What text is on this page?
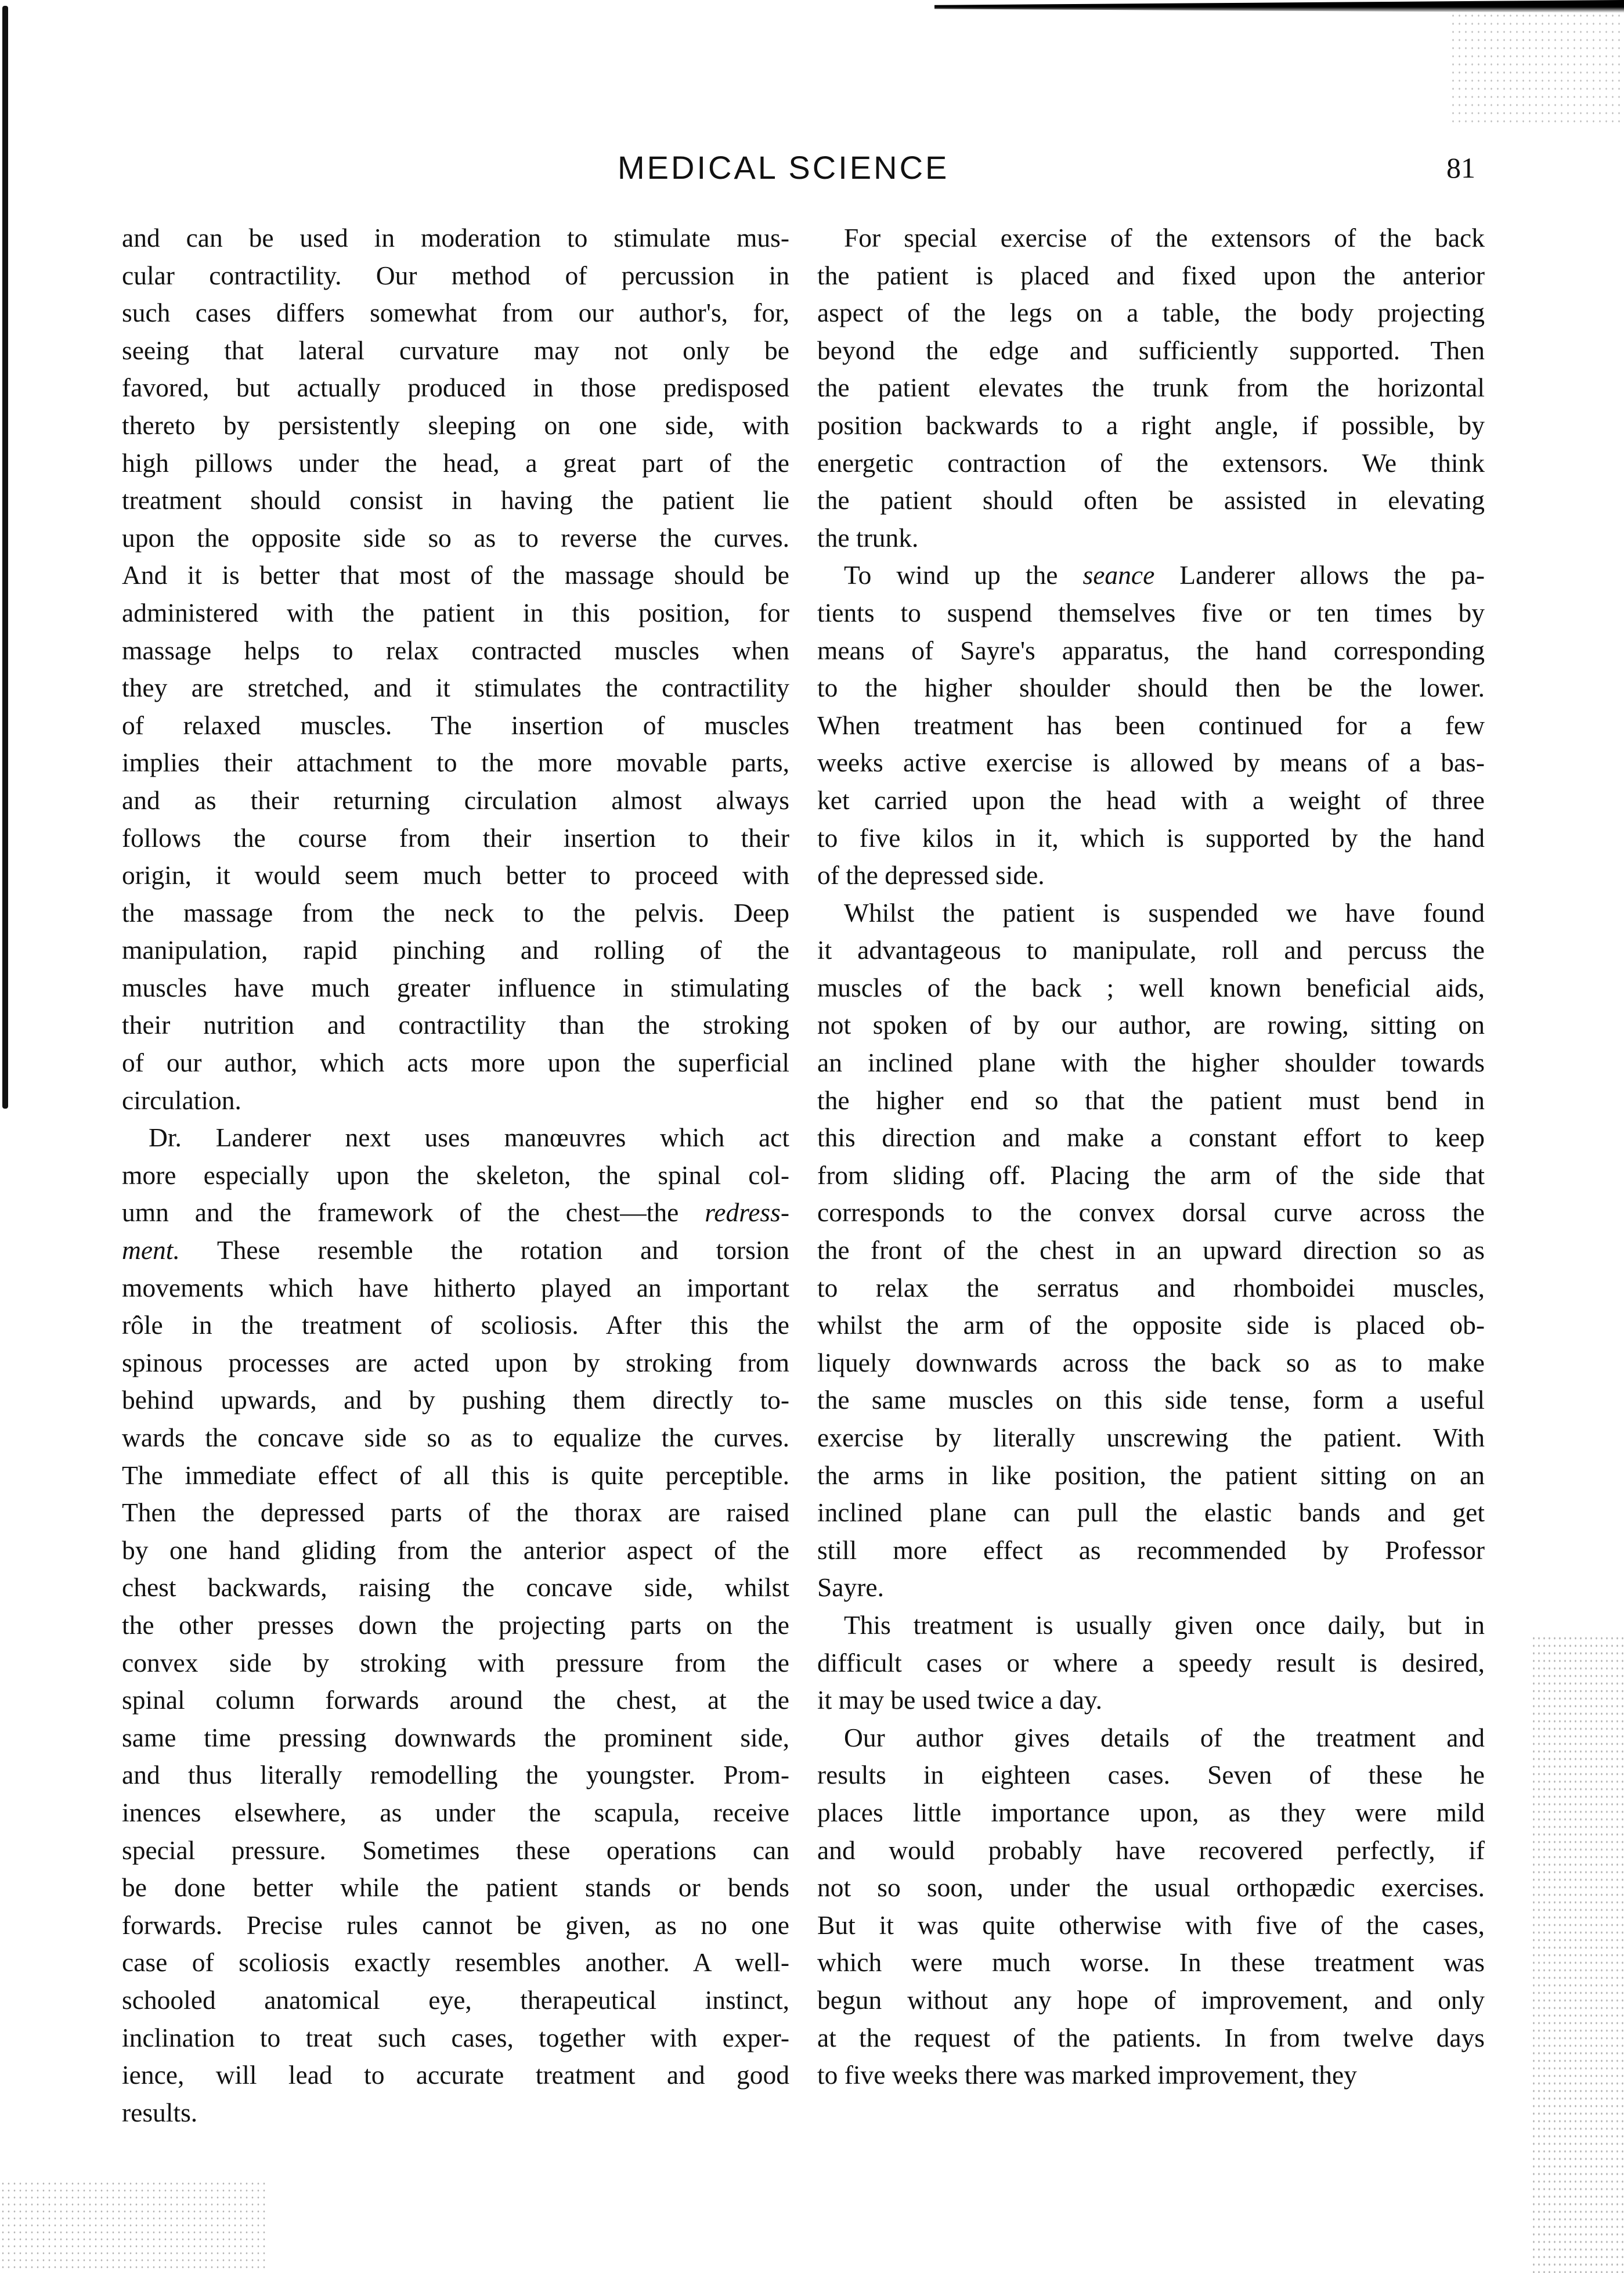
MEDICAL SCIENCE	81

and can be used in moderation to stimulate mus-
cular contractility. Our method of percussion in
such cases differs somewhat from our author's, for,
seeing that lateral curvature may not only be
favored, but actually produced in those predisposed
thereto by persistently sleeping on one side, with
high pillows under the head, a great part of the
treatment should consist in having the patient lie
upon the opposite side so as to reverse the curves.
And it is better that most of the massage should be
administered with the patient in this position, for
massage helps to relax contracted muscles when
they are stretched, and it stimulates the contractility
of relaxed muscles. The insertion of muscles
implies their attachment to the more movable parts,
and as their returning circulation almost always
follows the course from their insertion to their
origin, it would seem much better to proceed with
the massage from the neck to the pelvis. Deep
manipulation, rapid pinching and rolling of the
muscles have much greater influence in stimulating
their nutrition and contractility than the stroking
of our author, which acts more upon the superficial
circulation.

Dr. Landerer next uses manœuvres which act
more especially upon the skeleton, the spinal col-
umn and the framework of the chest—the redress-
ment. These resemble the rotation and torsion
movements which have hitherto played an important
rôle in the treatment of scoliosis. After this the
spinous processes are acted upon by stroking from
behind upwards, and by pushing them directly to-
wards the concave side so as to equalize the curves.
The immediate effect of all this is quite perceptible.
Then the depressed parts of the thorax are raised
by one hand gliding from the anterior aspect of the
chest backwards, raising the concave side, whilst
the other presses down the projecting parts on the
convex side by stroking with pressure from the
spinal column forwards around the chest, at the
same time pressing downwards the prominent side,
and thus literally remodelling the youngster. Prom-
inences elsewhere, as under the scapula, receive
special pressure. Sometimes these operations can
be done better while the patient stands or bends
forwards. Precise rules cannot be given, as no one
case of scoliosis exactly resembles another. A well-
schooled anatomical eye, therapeutical instinct,
inclination to treat such cases, together with exper-
ience, will lead to accurate treatment and good
results.

For special exercise of the extensors of the back
the patient is placed and fixed upon the anterior
aspect of the legs on a table, the body projecting
beyond the edge and sufficiently supported. Then
the patient elevates the trunk from the horizontal
position backwards to a right angle, if possible, by
energetic contraction of the extensors. We think
the patient should often be assisted in elevating
the trunk.

To wind up the seance Landerer allows the pa-
tients to suspend themselves five or ten times by
means of Sayre's apparatus, the hand corresponding
to the higher shoulder should then be the lower.
When treatment has been continued for a few
weeks active exercise is allowed by means of a bas-
ket carried upon the head with a weight of three
to five kilos in it, which is supported by the hand
of the depressed side.

Whilst the patient is suspended we have found
it advantageous to manipulate, roll and percuss the
muscles of the back ; well known beneficial aids,
not spoken of by our author, are rowing, sitting on
an inclined plane with the higher shoulder towards
the higher end so that the patient must bend in
this direction and make a constant effort to keep
from sliding off. Placing the arm of the side that
corresponds to the convex dorsal curve across the
the front of the chest in an upward direction so as
to relax the serratus and rhomboidei muscles,
whilst the arm of the opposite side is placed ob-
liquely downwards across the back so as to make
the same muscles on this side tense, form a useful
exercise by literally unscrewing the patient. With
the arms in like position, the patient sitting on an
inclined plane can pull the elastic bands and get
still more effect as recommended by Professor
Sayre.

This treatment is usually given once daily, but in
difficult cases or where a speedy result is desired,
it may be used twice a day.

Our author gives details of the treatment and
results in eighteen cases. Seven of these he
places little importance upon, as they were mild
and would probably have recovered perfectly, if
not so soon, under the usual orthopædic exercises.
But it was quite otherwise with five of the cases,
which were much worse. In these treatment was
begun without any hope of improvement, and only
at the request of the patients. In from twelve days
to five weeks there was marked improvement, they
